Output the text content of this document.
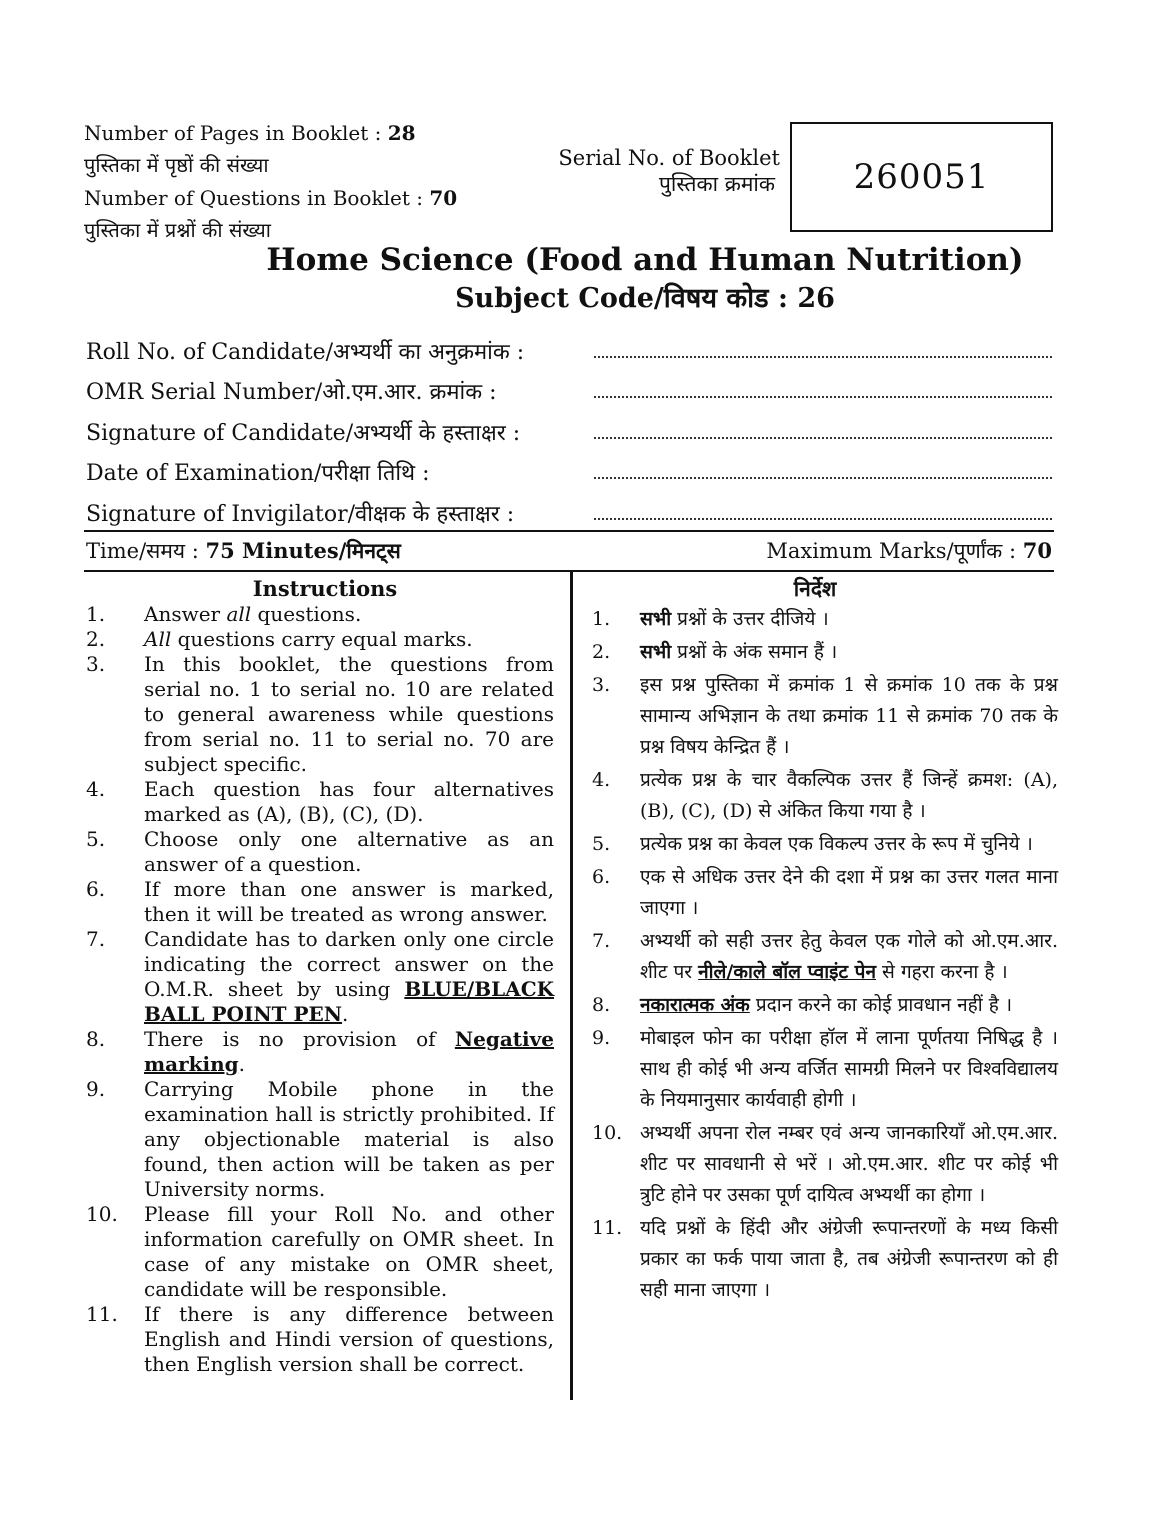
Number of Pages in Booklet : 28
पुस्तिका में पृष्ठों की संख्या
Number of Questions in Booklet : 70
पुस्तिका में प्रश्नों की संख्या
Serial No. of Booklet
पुस्तिका क्रमांक 260051
Home Science (Food and Human Nutrition)
Subject Code/विषय कोड : 26
Roll No. of Candidate/अभ्यर्थी का अनुक्रमांक :
OMR Serial Number/ओ.एम.आर. क्रमांक :
Signature of Candidate/अभ्यर्थी के हस्ताक्षर :
Date of Examination/परीक्षा तिथि :
Signature of Invigilator/वीक्षक के हस्ताक्षर :
Time/समय : 75 Minutes/मिनट्स	Maximum Marks/पूर्णांक : 70
Instructions
1.	Answer all questions.
2.	All questions carry equal marks.
3.	In this booklet, the questions from serial no. 1 to serial no. 10 are related to general awareness while questions from serial no. 11 to serial no. 70 are subject specific.
4.	Each question has four alternatives marked as (A), (B), (C), (D).
5.	Choose only one alternative as an answer of a question.
6.	If more than one answer is marked, then it will be treated as wrong answer.
7.	Candidate has to darken only one circle indicating the correct answer on the O.M.R. sheet by using BLUE/BLACK BALL POINT PEN.
8.	There is no provision of Negative marking.
9.	Carrying Mobile phone in the examination hall is strictly prohibited. If any objectionable material is also found, then action will be taken as per University norms.
10.	Please fill your Roll No. and other information carefully on OMR sheet. In case of any mistake on OMR sheet, candidate will be responsible.
11.	If there is any difference between English and Hindi version of questions, then English version shall be correct.
निर्देश
1.	सभी प्रश्नों के उत्तर दीजिये ।
2.	सभी प्रश्नों के अंक समान हैं ।
3.	इस प्रश्न पुस्तिका में क्रमांक 1 से क्रमांक 10 तक के प्रश्न सामान्य अभिज्ञान के तथा क्रमांक 11 से क्रमांक 70 तक के प्रश्न विषय केन्द्रित हैं ।
4.	प्रत्येक प्रश्न के चार वैकल्पिक उत्तर हैं जिन्हें क्रमश: (A), (B), (C), (D) से अंकित किया गया है ।
5.	प्रत्येक प्रश्न का केवल एक विकल्प उत्तर के रूप में चुनिये ।
6.	एक से अधिक उत्तर देने की दशा में प्रश्न का उत्तर गलत माना जाएगा ।
7.	अभ्यर्थी को सही उत्तर हेतु केवल एक गोले को ओ.एम.आर. शीट पर नीले/काले बॉल प्वाइंट पेन से गहरा करना है ।
8.	नकारात्मक अंक प्रदान करने का कोई प्रावधान नहीं है ।
9.	मोबाइल फोन का परीक्षा हॉल में लाना पूर्णतया निषिद्ध है । साथ ही कोई भी अन्य वर्जित सामग्री मिलने पर विश्वविद्यालय के नियमानुसार कार्यवाही होगी ।
10. अभ्यर्थी अपना रोल नम्बर एवं अन्य जानकारियाँ ओ.एम.आर. शीट पर सावधानी से भरें । ओ.एम.आर. शीट पर कोई भी त्रुटि होने पर उसका पूर्ण दायित्व अभ्यर्थी का होगा ।
11. यदि प्रश्नों के हिंदी और अंग्रेजी रूपान्तरणों के मध्य किसी प्रकार का फर्क पाया जाता है, तब अंग्रेजी रूपान्तरण को ही सही माना जाएगा ।
